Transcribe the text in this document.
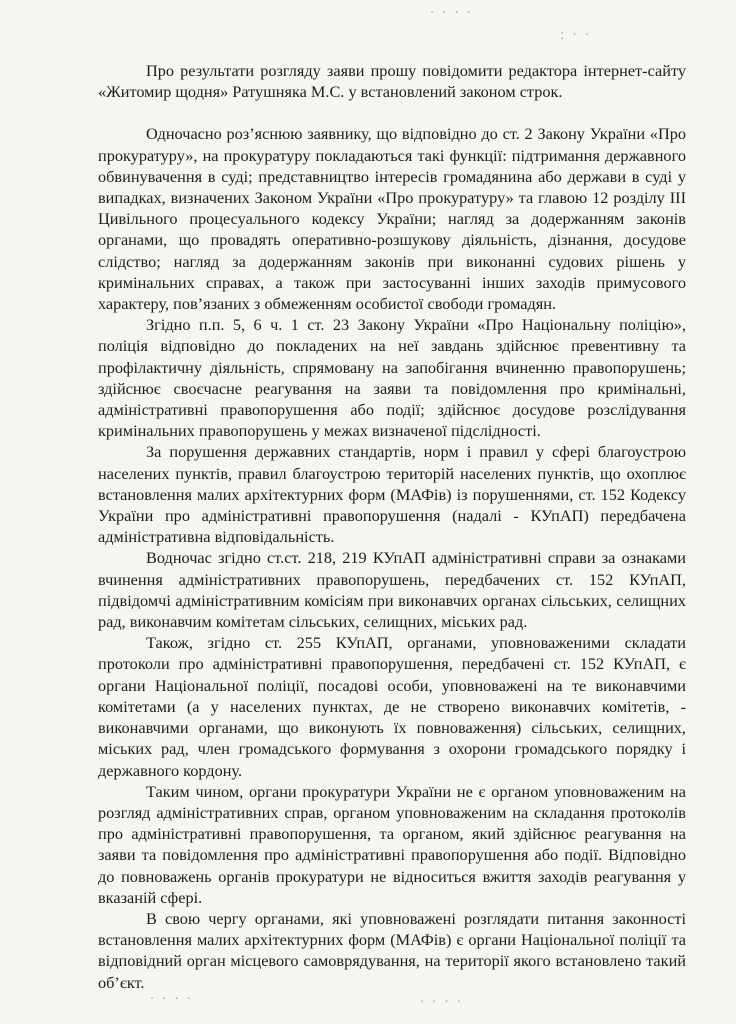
· · · ·
: · ·
· · · ·	· · · ·

Про результати розгляду заяви прошу повідомити редактора інтернет-сайту «Житомир щодня» Ратушняка М.С. у встановлений законом строк.

Одночасно роз’яснюю заявнику, що відповідно до ст. 2 Закону України «Про прокуратуру», на прокуратуру покладаються такі функції: підтримання державного обвинувачення в суді; представництво інтересів громадянина або держави в суді у випадках, визначених Законом України «Про прокуратуру» та главою 12 розділу III Цивільного процесуального кодексу України; нагляд за додержанням законів органами, що провадять оперативно-розшукову діяльність, дізнання, досудове слідство; нагляд за додержанням законів при виконанні судових рішень у кримінальних справах, а також при застосуванні інших заходів примусового характеру, пов’язаних з обмеженням особистої свободи громадян.

Згідно п.п. 5, 6 ч. 1 ст. 23 Закону України «Про Національну поліцію», поліція відповідно до покладених на неї завдань здійснює превентивну та профілактичну діяльність, спрямовану на запобігання вчиненню правопорушень; здійснює своєчасне реагування на заяви та повідомлення про кримінальні, адміністративні правопорушення або події; здійснює досудове розслідування кримінальних правопорушень у межах визначеної підслідності.

За порушення державних стандартів, норм і правил у сфері благоустрою населених пунктів, правил благоустрою територій населених пунктів, що охоплює встановлення малих архітектурних форм (МАФів) із порушеннями, ст. 152 Кодексу України про адміністративні правопорушення (надалі - КУпАП) передбачена адміністративна відповідальність.

Водночас згідно ст.ст. 218, 219 КУпАП адміністративні справи за ознаками вчинення адміністративних правопорушень, передбачених ст. 152 КУпАП, підвідомчі адміністративним комісіям при виконавчих органах сільських, селищних рад, виконавчим комітетам сільських, селищних, міських рад.

Також, згідно ст. 255 КУпАП, органами, уповноваженими складати протоколи про адміністративні правопорушення, передбачені ст. 152 КУпАП, є органи Національної поліції, посадові особи, уповноважені на те виконавчими комітетами (а у населених пунктах, де не створено виконавчих комітетів, - виконавчими органами, що виконують їх повноваження) сільських, селищних, міських рад, член громадського формування з охорони громадського порядку і державного кордону.

Таким чином, органи прокуратури України не є органом уповноваженим на розгляд адміністративних справ, органом уповноваженим на складання протоколів про адміністративні правопорушення, та органом, який здійснює реагування на заяви та повідомлення про адміністративні правопорушення або події. Відповідно до повноважень органів прокуратури не відноситься вжиття заходів реагування у вказаній сфері.

В свою чергу органами, які уповноважені розглядати питання законності встановлення малих архітектурних форм (МАФів) є органи Національної поліції та відповідний орган місцевого самоврядування, на території якого встановлено такий об’єкт.
